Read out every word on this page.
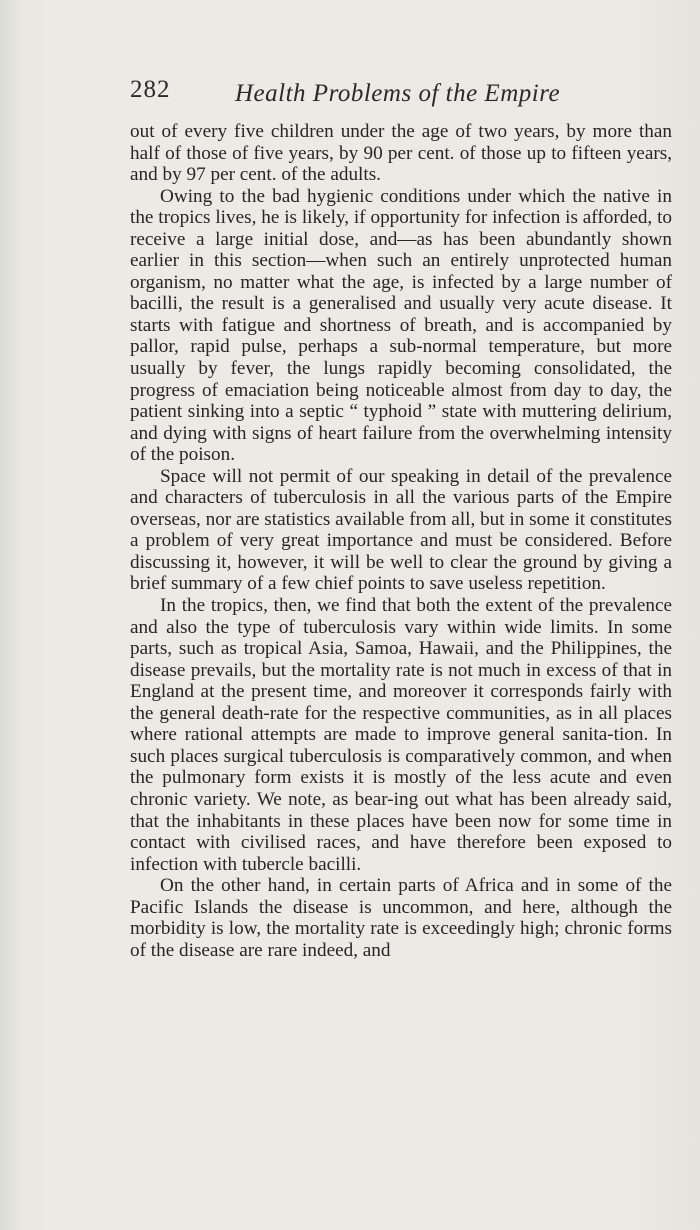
282	Health Problems of the Empire

out of every five children under the age of two years, by more than half of those of five years, by 90 per cent. of those up to fifteen years, and by 97 per cent. of the adults.

Owing to the bad hygienic conditions under which the native in the tropics lives, he is likely, if opportunity for infection is afforded, to receive a large initial dose, and—as has been abundantly shown earlier in this section—when such an entirely unprotected human organism, no matter what the age, is infected by a large number of bacilli, the result is a generalised and usually very acute disease. It starts with fatigue and shortness of breath, and is accompanied by pallor, rapid pulse, perhaps a sub-normal temperature, but more usually by fever, the lungs rapidly becoming consolidated, the progress of emaciation being noticeable almost from day to day, the patient sinking into a septic “ typhoid ” state with muttering delirium, and dying with signs of heart failure from the overwhelming intensity of the poison.

Space will not permit of our speaking in detail of the prevalence and characters of tuberculosis in all the various parts of the Empire overseas, nor are statistics available from all, but in some it constitutes a problem of very great importance and must be considered. Before discussing it, however, it will be well to clear the ground by giving a brief summary of a few chief points to save useless repetition.

In the tropics, then, we find that both the extent of the prevalence and also the type of tuberculosis vary within wide limits. In some parts, such as tropical Asia, Samoa, Hawaii, and the Philippines, the disease prevails, but the mortality rate is not much in excess of that in England at the present time, and moreover it corresponds fairly with the general death-rate for the respective communities, as in all places where rational attempts are made to improve general sanita-tion. In such places surgical tuberculosis is comparatively common, and when the pulmonary form exists it is mostly of the less acute and even chronic variety. We note, as bear-ing out what has been already said, that the inhabitants in these places have been now for some time in contact with civilised races, and have therefore been exposed to infection with tubercle bacilli.

On the other hand, in certain parts of Africa and in some of the Pacific Islands the disease is uncommon, and here, although the morbidity is low, the mortality rate is exceedingly high; chronic forms of the disease are rare indeed, and
